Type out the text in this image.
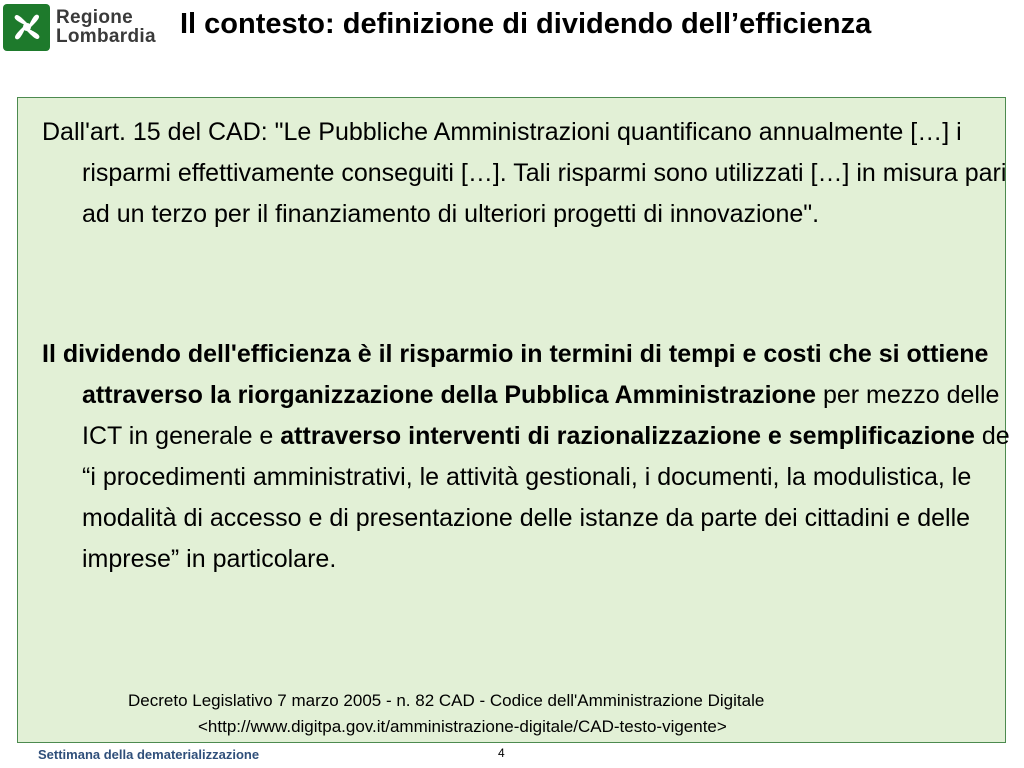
Regione
Lombardia Il contesto: definizione di dividendo dell’efficienza
Dall'art. 15 del CAD: "Le Pubbliche Amministrazioni quantificano annualmente […] i risparmi effettivamente conseguiti […]. Tali risparmi sono utilizzati […] in misura pari ad un terzo per il finanziamento di ulteriori progetti di innovazione".
Il dividendo dell'efficienza è il risparmio in termini di tempi e costi che si ottiene attraverso la riorganizzazione della Pubblica Amministrazione per mezzo delle ICT in generale e attraverso interventi di razionalizzazione e semplificazione de “i procedimenti amministrativi, le attività gestionali, i documenti, la modulistica, le modalità di accesso e di presentazione delle istanze da parte dei cittadini e delle imprese” in particolare.
Decreto Legislativo 7 marzo 2005 - n. 82 CAD - Codice dell'Amministrazione Digitale <http://www.digitpa.gov.it/amministrazione-digitale/CAD-testo-vigente>
Settimana della dematerializzazione	4
